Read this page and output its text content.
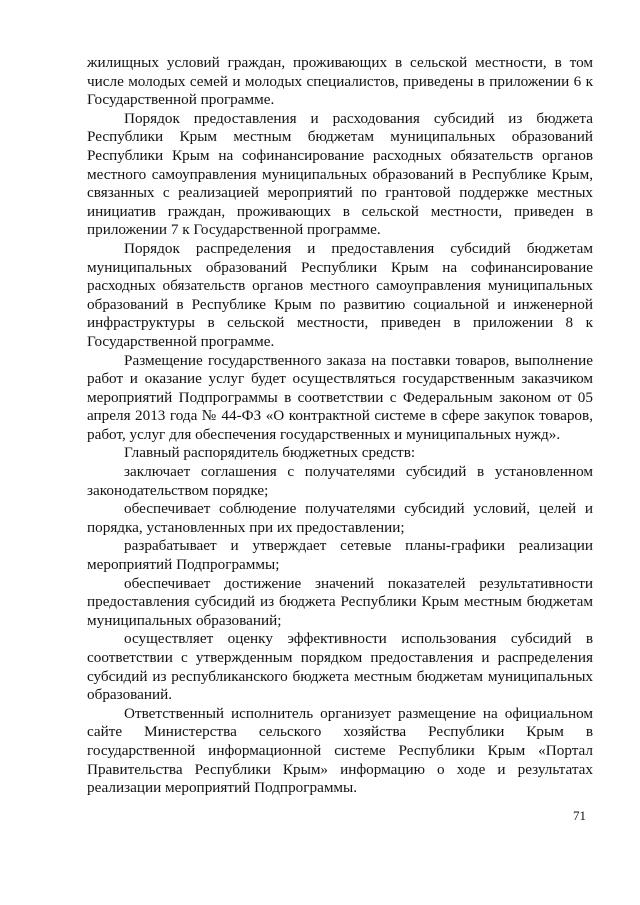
жилищных условий граждан, проживающих в сельской местности, в том числе молодых семей и молодых специалистов, приведены в приложении 6 к Государственной программе.

Порядок предоставления и расходования субсидий из бюджета Республики Крым местным бюджетам муниципальных образований Республики Крым на софинансирование расходных обязательств органов местного самоуправления муниципальных образований в Республике Крым, связанных с реализацией мероприятий по грантовой поддержке местных инициатив граждан, проживающих в сельской местности, приведен в приложении 7 к Государственной программе.

Порядок распределения и предоставления субсидий бюджетам муниципальных образований Республики Крым на софинансирование расходных обязательств органов местного самоуправления муниципальных образований в Республике Крым по развитию социальной и инженерной инфраструктуры в сельской местности, приведен в приложении 8 к Государственной программе.

Размещение государственного заказа на поставки товаров, выполнение работ и оказание услуг будет осуществляться государственным заказчиком мероприятий Подпрограммы в соответствии с Федеральным законом от 05 апреля 2013 года № 44-ФЗ «О контрактной системе в сфере закупок товаров, работ, услуг для обеспечения государственных и муниципальных нужд».

Главный распорядитель бюджетных средств:

заключает соглашения с получателями субсидий в установленном законодательством порядке;

обеспечивает соблюдение получателями субсидий условий, целей и порядка, установленных при их предоставлении;

разрабатывает и утверждает сетевые планы-графики реализации мероприятий Подпрограммы;

обеспечивает достижение значений показателей результативности предоставления субсидий из бюджета Республики Крым местным бюджетам муниципальных образований;

осуществляет оценку эффективности использования субсидий в соответствии с утвержденным порядком предоставления и распределения субсидий из республиканского бюджета местным бюджетам муниципальных образований.

Ответственный исполнитель организует размещение на официальном сайте Министерства сельского хозяйства Республики Крым в государственной информационной системе Республики Крым «Портал Правительства Республики Крым» информацию о ходе и результатах реализации мероприятий Подпрограммы.

71
